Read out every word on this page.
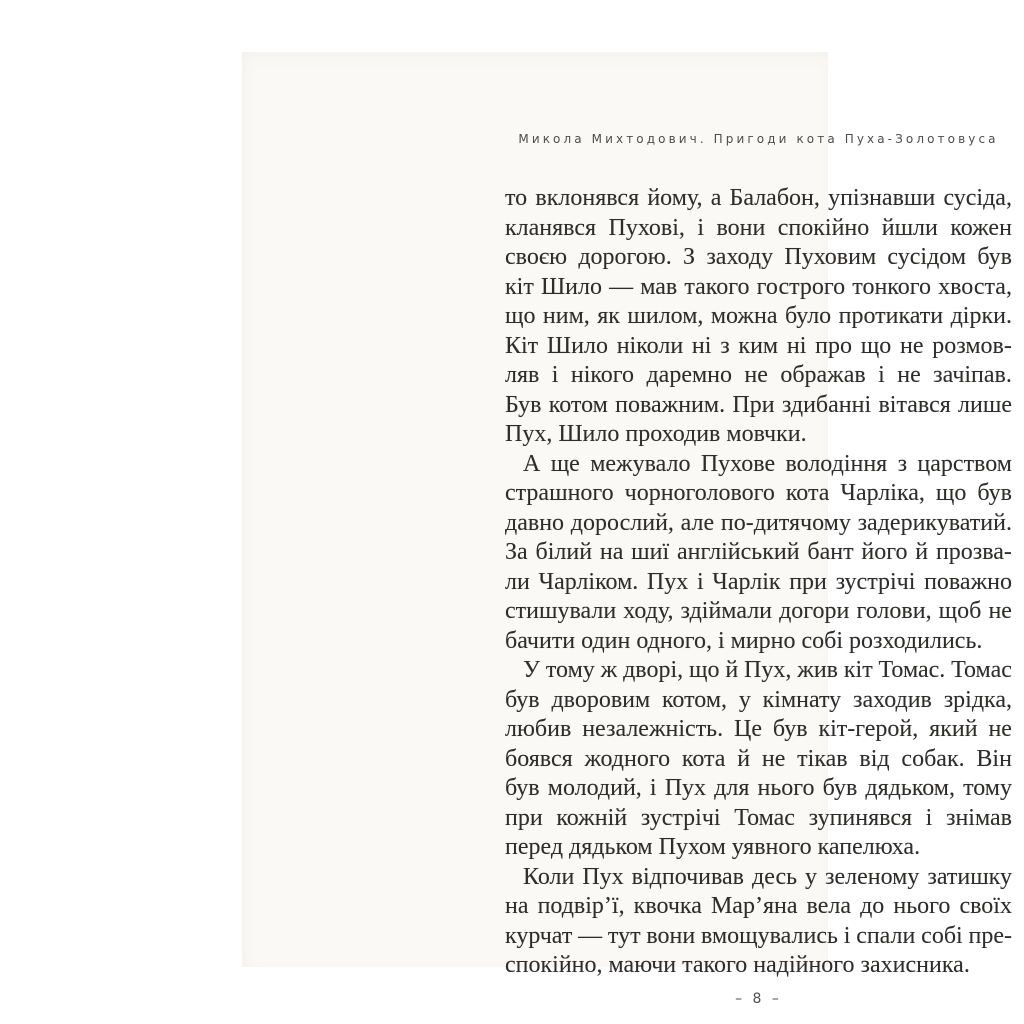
Микола Михтодович. Пригоди кота Пуха-Золотовуса
то вклонявся йому, а Балабон, упізнавши сусіда,
кланявся Пухові, і вони спокійно йшли кожен
своєю дорогою. З заходу Пуховим сусідом був
кіт Шило — мав такого гострого тонкого хвоста,
що ним, як шилом, можна було протикати дірки.
Кіт Шило ніколи ні з ким ні про що не розмов-
ляв і нікого даремно не ображав і не зачіпав.
Був котом поважним. При здибанні вітався лише
Пух, Шило проходив мовчки.
А ще межувало Пухове володіння з царством
страшного чорноголового кота Чарліка, що був
давно дорослий, але по-дитячому задерикуватий.
За білий на шиї англійський бант його й прозва-
ли Чарліком. Пух і Чарлік при зустрічі поважно
стишували ходу, здіймали догори голови, щоб не
бачити один одного, і мирно собі розходились.
У тому ж дворі, що й Пух, жив кіт Томас. Томас
був дворовим котом, у кімнату заходив зрідка,
любив незалежність. Це був кіт-герой, який не
боявся жодного кота й не тікав від собак. Він
був молодий, і Пух для нього був дядьком, тому
при кожній зустрічі Томас зупинявся і знімав
перед дядьком Пухом уявного капелюха.
Коли Пух відпочивав десь у зеленому затишку
на подвір’ї, квочка Мар’яна вела до нього своїх
курчат — тут вони вмощувались і спали собі пре-
спокійно, маючи такого надійного захисника.
– 8 –
